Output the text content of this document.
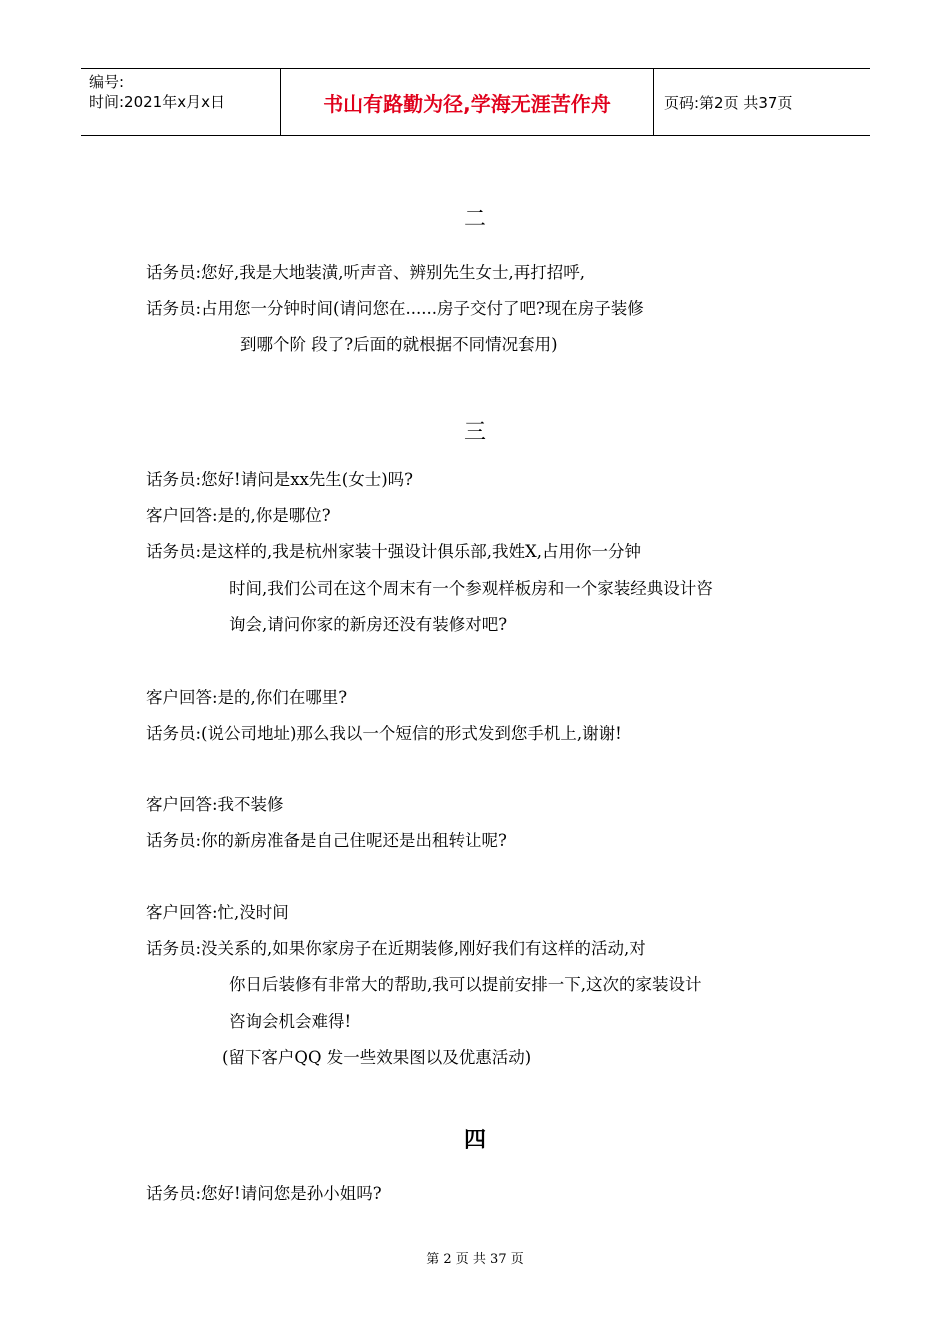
编号:
时间:2021年x月x日	书山有路勤为径,学海无涯苦作舟	页码:第2页 共37页
二
话务员:您好,我是大地装潢,听声音、辨别先生女士,再打招呼,
话务员:占用您一分钟时间(请问您在......房子交付了吧?现在房子装修
到哪个阶 段了?后面的就根据不同情况套用)
三
话务员:您好!请问是xx先生(女士)吗?
客户回答:是的,你是哪位?
话务员:是这样的,我是杭州家装十强设计俱乐部,我姓X,占用你一分钟
时间,我们公司在这个周末有一个参观样板房和一个家装经典设计咨
询会,请问你家的新房还没有装修对吧?
客户回答:是的,你们在哪里?
话务员:(说公司地址)那么我以一个短信的形式发到您手机上,谢谢!
客户回答:我不装修
话务员:你的新房准备是自己住呢还是出租转让呢?
客户回答:忙,没时间
话务员:没关系的,如果你家房子在近期装修,刚好我们有这样的活动,对
你日后装修有非常大的帮助,我可以提前安排一下,这次的家装设计
咨询会机会难得!
(留下客户QQ 发一些效果图以及优惠活动)
四
话务员:您好!请问您是孙小姐吗?
第 2 页 共 37 页
